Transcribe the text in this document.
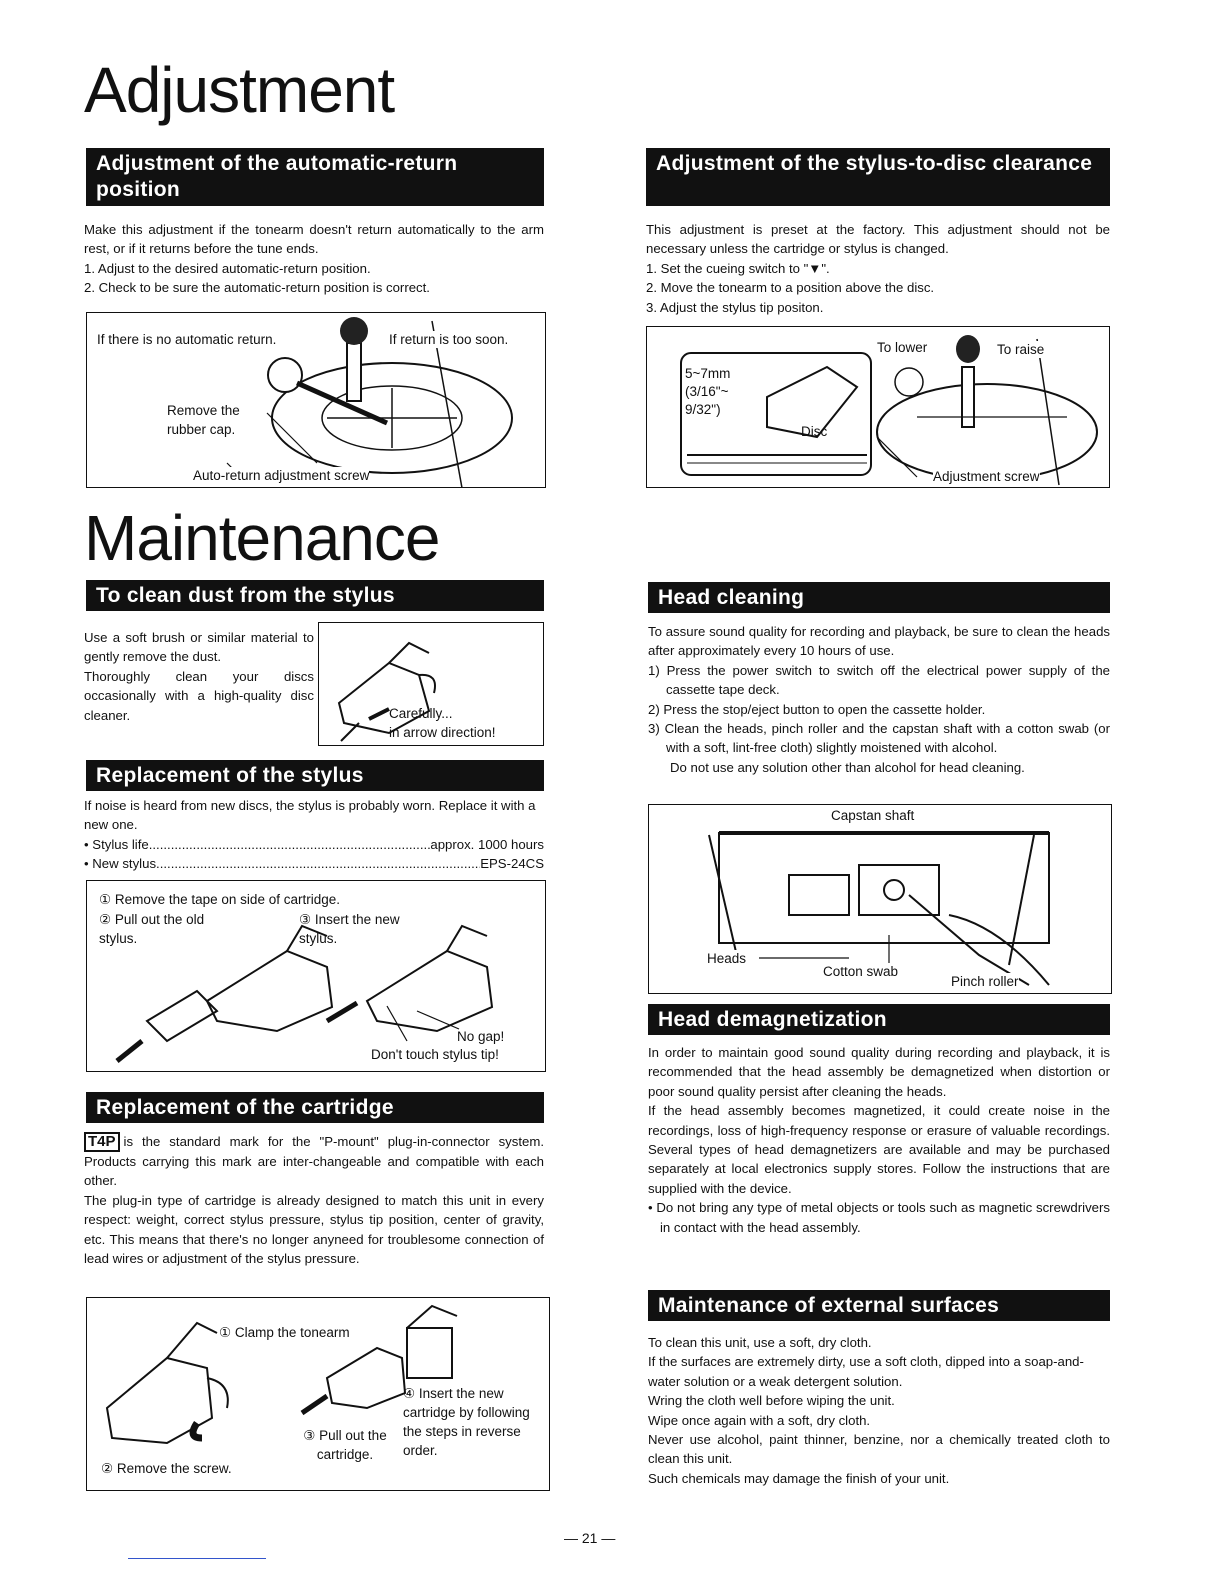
Adjustment
Adjustment of the automatic-return position

Make this adjustment if the tonearm doesn't return automatically to the arm rest, or if it returns before the tune ends.

1. Adjust to the desired automatic-return position.

2. Check to be sure the automatic-return position is correct.

If there is no automatic return.	If return is too soon.
Remove the rubber cap.
Auto-return adjustment screw
Adjustment of the stylus-to-disc clearance

This adjustment is preset at the factory. This adjustment should not be necessary unless the cartridge or stylus is changed.

1. Set the cueing switch to "▼".

2. Move the tonearm to a position above the disc.

3. Adjust the stylus tip positon.

5~7mm (3/16"~ 9/32")
Disc
To lower	To raise
Adjustment screw
Maintenance
To clean dust from the stylus

Use a soft brush or similar material to gently remove the dust.

Thoroughly clean your discs occasionally with a high-quality disc cleaner.	Carefully...
in arrow direction!
Replacement of the stylus

If noise is heard from new discs, the stylus is probably worn. Replace it with a new one.

• Stylus life .....	approx. 1000 hours
• New stylus .....	EPS-24CS
① Remove the tape on side of cartridge.
② Pull out the old stylus.
③ Insert the new stylus.
No gap!
Don't touch stylus tip!
Replacement of the cartridge

T4P is the standard mark for the "P-mount" plug-in-connector system. Products carrying this mark are inter-changeable and compatible with each other.

The plug-in type of cartridge is already designed to match this unit in every respect: weight, correct stylus pressure, stylus tip position, center of gravity, etc. This means that there's no longer anyneed for troublesome connection of lead wires or adjustment of the stylus pressure.

① Clamp the tonearm
② Remove the screw.
③ Pull out the cartridge.
④ Insert the new cartridge by following the steps in reverse order.
Head cleaning

To assure sound quality for recording and playback, be sure to clean the heads after approximately every 10 hours of use.

1) Press the power switch to switch off the electrical power supply of the cassette tape deck.

2) Press the stop/eject button to open the cassette holder.

3) Clean the heads, pinch roller and the capstan shaft with a cotton swab (or with a soft, lint-free cloth) slightly moistened with alcohol.

Do not use any solution other than alcohol for head cleaning.

Capstan shaft
Heads
Cotton swab
Pinch roller
Head demagnetization

In order to maintain good sound quality during recording and playback, it is recommended that the head assembly be demagnetized when distortion or poor sound quality persist after cleaning the heads.

If the head assembly becomes magnetized, it could create noise in the recordings, loss of high-frequency response or erasure of valuable recordings. Several types of head demagnetizers are available and may be purchased separately at local electronics supply stores. Follow the instructions that are supplied with the device.

• Do not bring any type of metal objects or tools such as magnetic screwdrivers in contact with the head assembly.

Maintenance of external surfaces

To clean this unit, use a soft, dry cloth.

If the surfaces are extremely dirty, use a soft cloth, dipped into a soap-and-water solution or a weak detergent solution.

Wring the cloth well before wiping the unit.

Wipe once again with a soft, dry cloth.

Never use alcohol, paint thinner, benzine, nor a chemically treated cloth to clean this unit.

Such chemicals may damage the finish of your unit.

— 21 —
